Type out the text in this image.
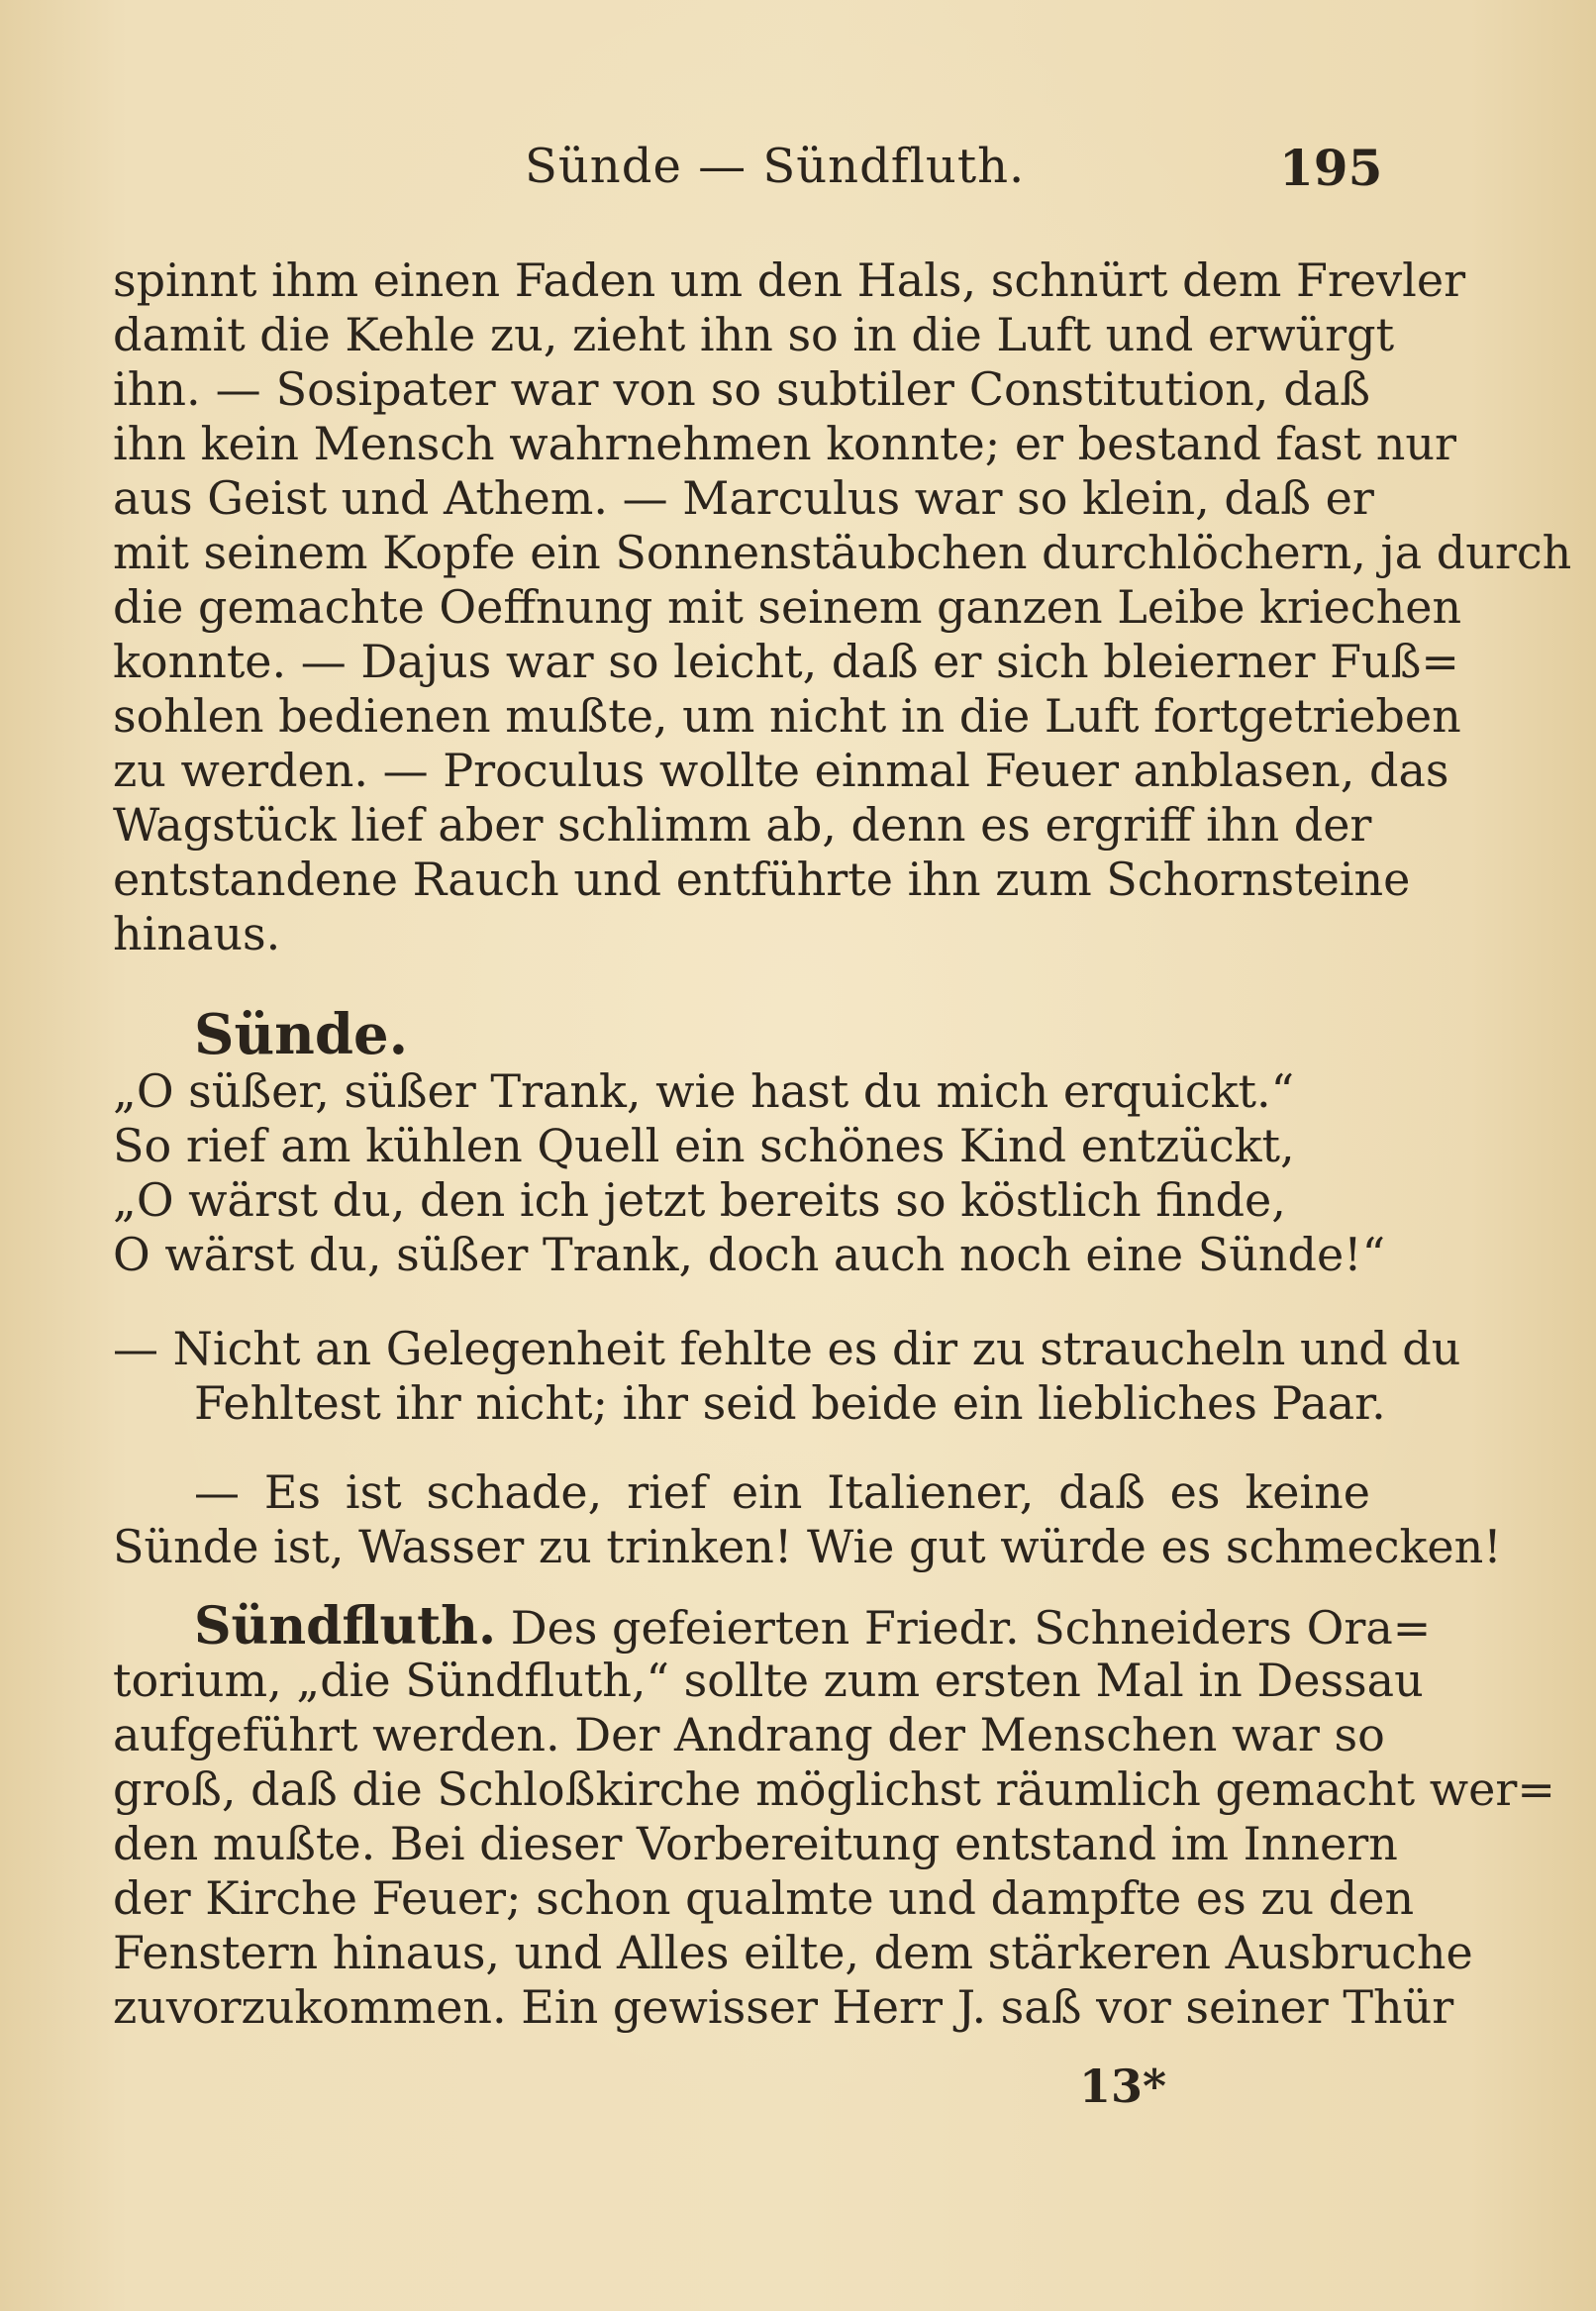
Sünde — Sündfluth.	195
spinnt ihm einen Faden um den Hals, schnürt dem Frevler
damit die Kehle zu, zieht ihn so in die Luft und erwürgt
ihn. — Sosipater war von so subtiler Constitution, daß
ihn kein Mensch wahrnehmen konnte; er bestand fast nur
aus Geist und Athem. — Marculus war so klein, daß er
mit seinem Kopfe ein Sonnenstäubchen durchlöchern, ja durch
die gemachte Oeffnung mit seinem ganzen Leibe kriechen
konnte. — Dajus war so leicht, daß er sich bleierner Fuß=
sohlen bedienen mußte, um nicht in die Luft fortgetrieben
zu werden. — Proculus wollte einmal Feuer anblasen, das
Wagstück lief aber schlimm ab, denn es ergriff ihn der
entstandene Rauch und entführte ihn zum Schornsteine
hinaus.
Sünde.
„O süßer, süßer Trank, wie hast du mich erquickt.“
So rief am kühlen Quell ein schönes Kind entzückt,
„O wärst du, den ich jetzt bereits so köstlich finde,
O wärst du, süßer Trank, doch auch noch eine Sünde!“
— Nicht an Gelegenheit fehlte es dir zu straucheln und du
Fehltest ihr nicht; ihr seid beide ein liebliches Paar.
— Es ist schade, rief ein Italiener, daß es keine
Sünde ist, Wasser zu trinken! Wie gut würde es schmecken!
Sündfluth. Des gefeierten Friedr. Schneiders Ora=
torium, „die Sündfluth,“ sollte zum ersten Mal in Dessau
aufgeführt werden. Der Andrang der Menschen war so
groß, daß die Schloßkirche möglichst räumlich gemacht wer=
den mußte. Bei dieser Vorbereitung entstand im Innern
der Kirche Feuer; schon qualmte und dampfte es zu den
Fenstern hinaus, und Alles eilte, dem stärkeren Ausbruche
zuvorzukommen. Ein gewisser Herr J. saß vor seiner Thür
13*
